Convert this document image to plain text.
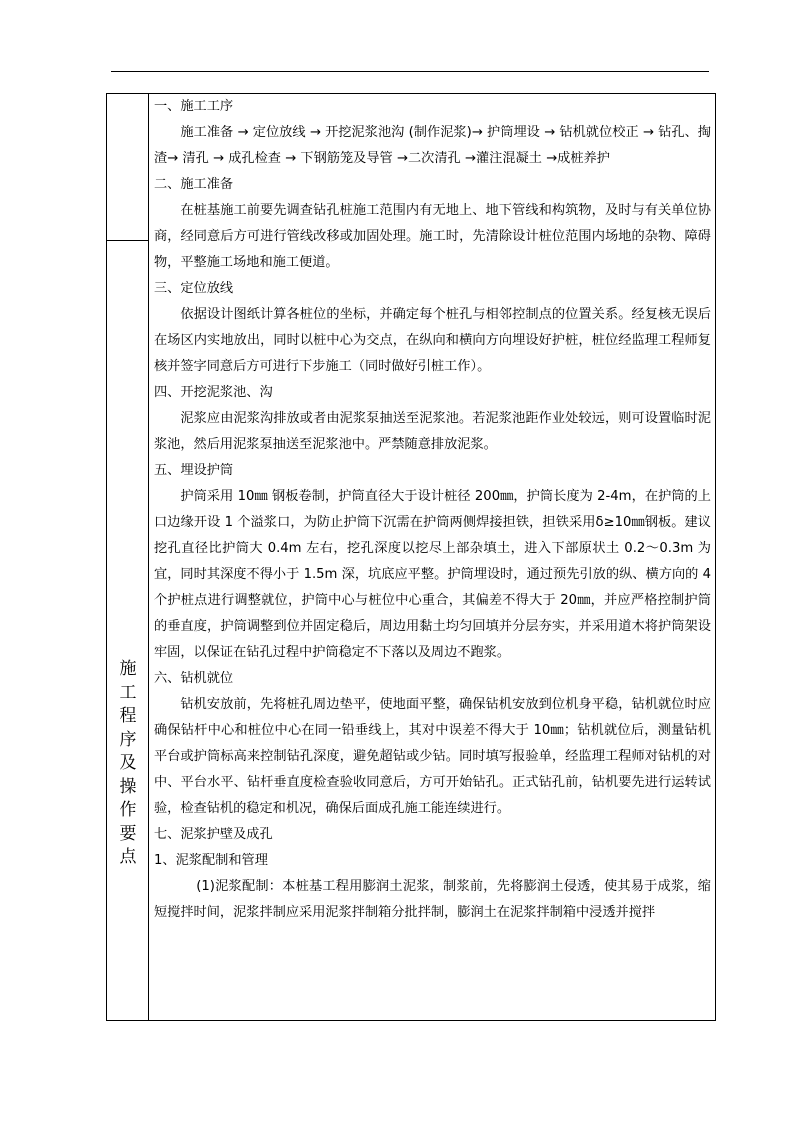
施
工
程
序
及
操
作
要
点

一、施工工序

施工准备 → 定位放线 → 开挖泥浆池沟 (制作泥浆)→ 护筒埋设 → 钻机就位校正 → 钻孔、掏渣→ 清孔 → 成孔检查 → 下钢筋笼及导管 →二次清孔 →灌注混凝土 →成桩养护

二、施工准备

在桩基施工前要先调查钻孔桩施工范围内有无地上、地下管线和构筑物，及时与有关单位协商，经同意后方可进行管线改移或加固处理。施工时，先清除设计桩位范围内场地的杂物、障碍物，平整施工场地和施工便道。

三、定位放线

依据设计图纸计算各桩位的坐标，并确定每个桩孔与相邻控制点的位置关系。经复核无误后在场区内实地放出，同时以桩中心为交点，在纵向和横向方向埋设好护桩，桩位经监理工程师复核并签字同意后方可进行下步施工（同时做好引桩工作）。

四、开挖泥浆池、沟

泥浆应由泥浆沟排放或者由泥浆泵抽送至泥浆池。若泥浆池距作业处较远，则可设置临时泥浆池，然后用泥浆泵抽送至泥浆池中。严禁随意排放泥浆。

五、埋设护筒

护筒采用 10㎜ 钢板卷制，护筒直径大于设计桩径 200㎜，护筒长度为 2-4m，在护筒的上口边缘开设 1 个溢浆口，为防止护筒下沉需在护筒两侧焊接担铁，担铁采用δ≥10㎜钢板。建议挖孔直径比护筒大 0.4m 左右，挖孔深度以挖尽上部杂填土，进入下部原状土 0.2～0.3m 为宜，同时其深度不得小于 1.5m 深，坑底应平整。护筒埋设时，通过预先引放的纵、横方向的 4 个护桩点进行调整就位，护筒中心与桩位中心重合，其偏差不得大于 20㎜，并应严格控制护筒的垂直度，护筒调整到位并固定稳后，周边用黏土均匀回填并分层夯实，并采用道木将护筒架设牢固，以保证在钻孔过程中护筒稳定不下落以及周边不跑浆。

六、钻机就位

钻机安放前，先将桩孔周边垫平，使地面平整，确保钻机安放到位机身平稳，钻机就位时应确保钻杆中心和桩位中心在同一铅垂线上，其对中误差不得大于 10㎜；钻机就位后，测量钻机平台或护筒标高来控制钻孔深度，避免超钻或少钻。同时填写报验单，经监理工程师对钻机的对中、平台水平、钻杆垂直度检查验收同意后，方可开始钻孔。正式钻孔前，钻机要先进行运转试验，检查钻机的稳定和机况，确保后面成孔施工能连续进行。

七、泥浆护壁及成孔

1、泥浆配制和管理

(1)泥浆配制：本桩基工程用膨润土泥浆，制浆前，先将膨润土侵透，使其易于成浆，缩短搅拌时间，泥浆拌制应采用泥浆拌制箱分批拌制，膨润土在泥浆拌制箱中浸透并搅拌
